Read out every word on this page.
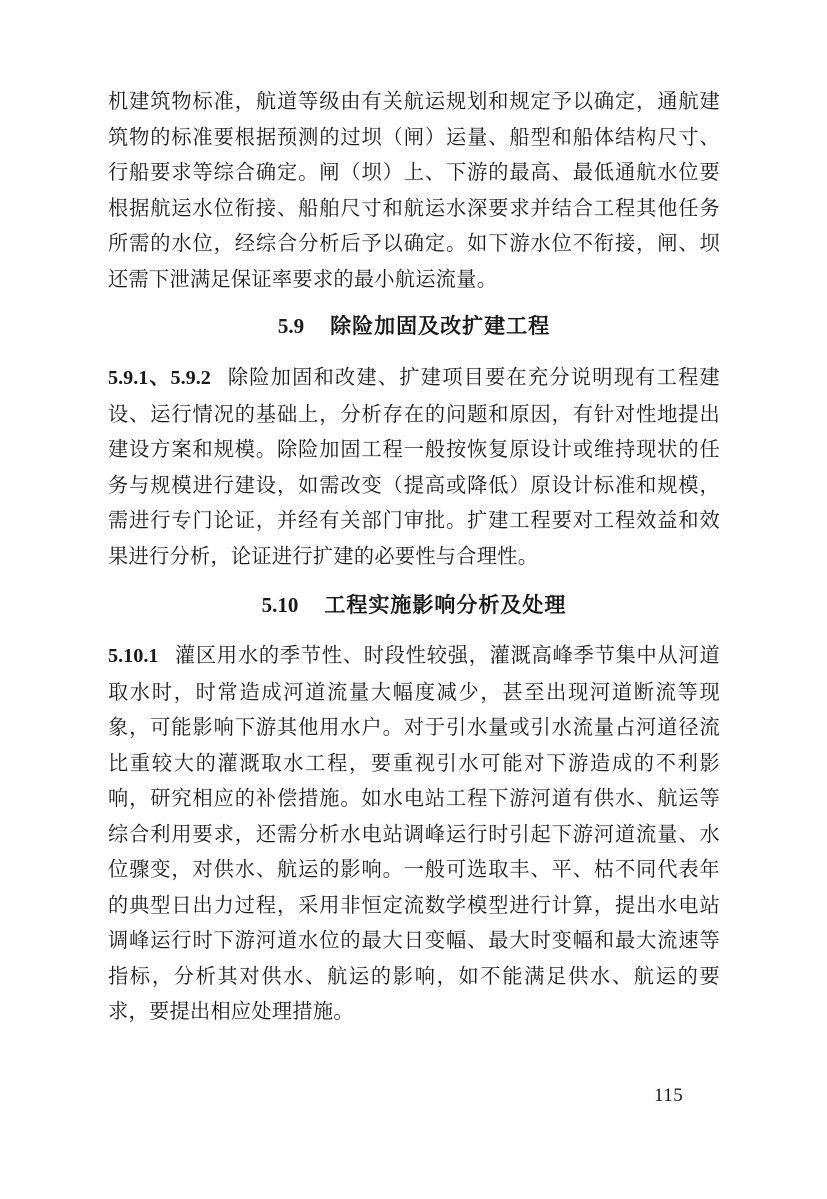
机建筑物标准，航道等级由有关航运规划和规定予以确定，通航建筑物的标准要根据预测的过坝（闸）运量、船型和船体结构尺寸、行船要求等综合确定。闸（坝）上、下游的最高、最低通航水位要根据航运水位衔接、船舶尺寸和航运水深要求并结合工程其他任务所需的水位，经综合分析后予以确定。如下游水位不衔接，闸、坝还需下泄满足保证率要求的最小航运流量。

5.9 除险加固及改扩建工程

5.9.1、5.9.2 除险加固和改建、扩建项目要在充分说明现有工程建设、运行情况的基础上，分析存在的问题和原因，有针对性地提出建设方案和规模。除险加固工程一般按恢复原设计或维持现状的任务与规模进行建设，如需改变（提高或降低）原设计标准和规模，需进行专门论证，并经有关部门审批。扩建工程要对工程效益和效果进行分析，论证进行扩建的必要性与合理性。

5.10 工程实施影响分析及处理

5.10.1 灌区用水的季节性、时段性较强，灌溉高峰季节集中从河道取水时，时常造成河道流量大幅度减少，甚至出现河道断流等现象，可能影响下游其他用水户。对于引水量或引水流量占河道径流比重较大的灌溉取水工程，要重视引水可能对下游造成的不利影响，研究相应的补偿措施。如水电站工程下游河道有供水、航运等综合利用要求，还需分析水电站调峰运行时引起下游河道流量、水位骤变，对供水、航运的影响。一般可选取丰、平、枯不同代表年的典型日出力过程，采用非恒定流数学模型进行计算，提出水电站调峰运行时下游河道水位的最大日变幅、最大时变幅和最大流速等指标，分析其对供水、航运的影响，如不能满足供水、航运的要求，要提出相应处理措施。

115
